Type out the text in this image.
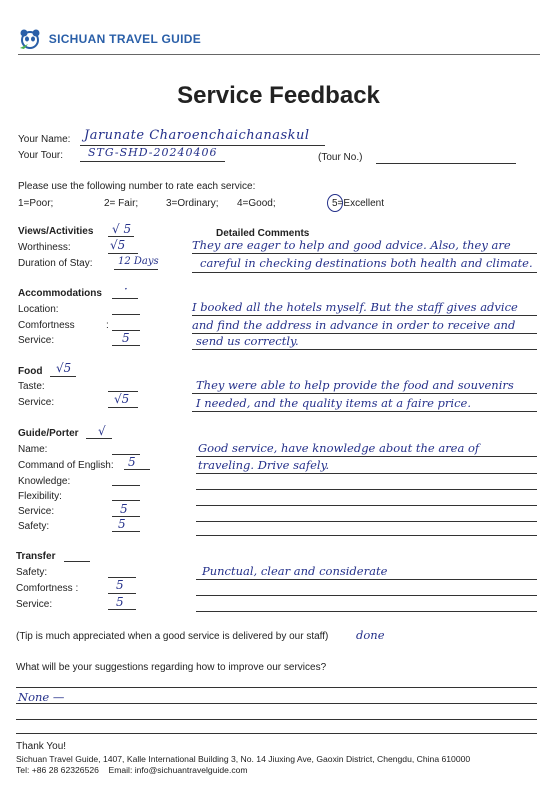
SICHUAN TRAVEL GUIDE
Service Feedback
Your Name: Jarunate Charoenchaichanaskul
Your Tour: STG-SHD-20240406	(Tour No.)
Please use the following number to rate each service:
1=Poor;	2= Fair;	3=Ordinary; 4=Good;	5=Excellent
Detailed Comments
Views/Activities √ 5
Worthiness:	√5
Duration of Stay:	12 Days
They are eager to help and good advice. Also, they are
careful in checking destinations both health and climate.
Accommodations ·
Location:
Comfortness	:
Service:	5
I booked all the hotels myself. But the staff gives advice
and find the address in advance in order to receive and
send us correctly.
Food √5
Taste:
Service:	√5
They were able to help provide the food and souvenirs
I needed, and the quality items at a faire price.
Guide/Porter √
Name:
Command of English: 5
Knowledge:
Flexibility:
Service:	5
Safety:	5
Good service, have knowledge about the area of
traveling. Drive safely.
Transfer
Safety:
Comfortness :	5
Service:	5
Punctual, clear and considerate
(Tip is much appreciated when a good service is delivered by our staff) done
What will be your suggestions regarding how to improve our services?
None —
Thank You!
Sichuan Travel Guide, 1407, Kalle International Building 3, No. 14 Jiuxing Ave, Gaoxin District, Chengdu, China 610000
Tel: +86 28 62326526    Email: info@sichuantravelguide.com
